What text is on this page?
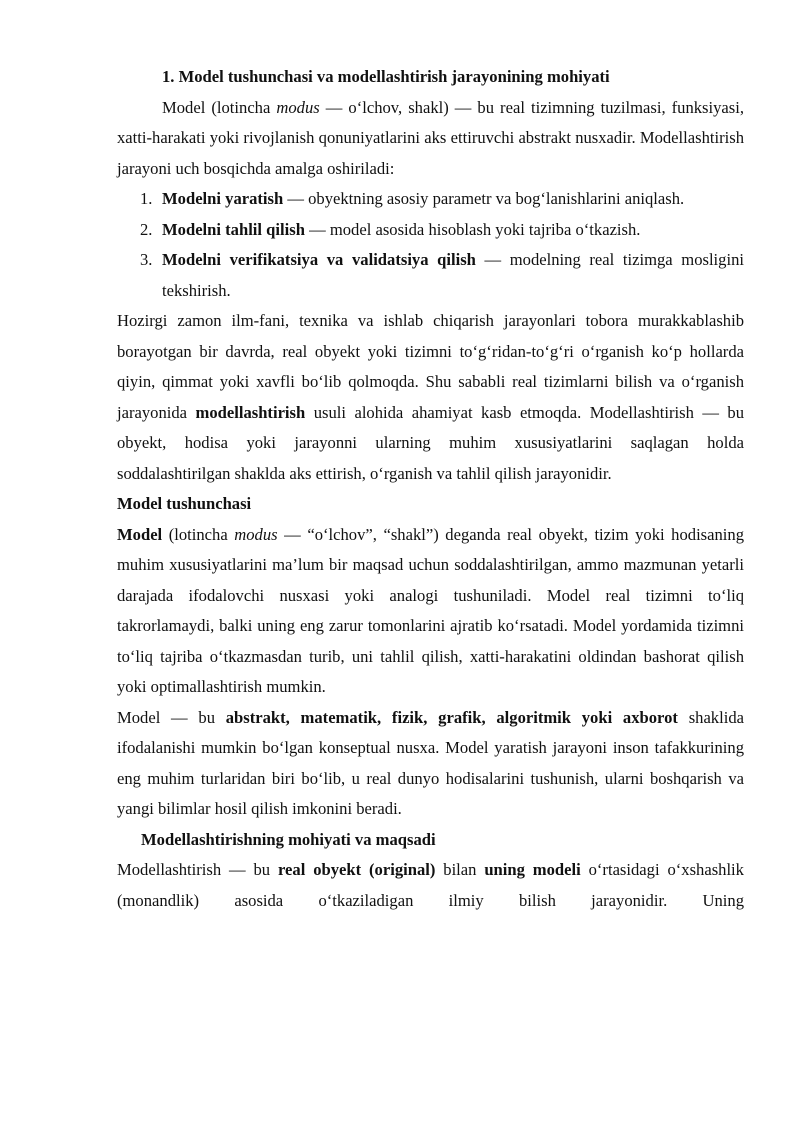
1. Model tushunchasi va modellashtirish jarayonining mohiyati

Model (lotincha modus — o‘lchov, shakl) — bu real tizimning tuzilmasi, funksiyasi, xatti-harakati yoki rivojlanish qonuniyatlarini aks ettiruvchi abstrakt nusxadir. Modellashtirish jarayoni uch bosqichda amalga oshiriladi:

1. Modelni yaratish — obyektning asosiy parametr va bog‘lanishlarini aniqlash.
2. Modelni tahlil qilish — model asosida hisoblash yoki tajriba o‘tkazish.
3. Modelni verifikatsiya va validatsiya qilish — modelning real tizimga mosligini tekshirish.

Hozirgi zamon ilm-fani, texnika va ishlab chiqarish jarayonlari tobora murakkablashib borayotgan bir davrda, real obyekt yoki tizimni to‘g‘ridan-to‘g‘ri o‘rganish ko‘p hollarda qiyin, qimmat yoki xavfli bo‘lib qolmoqda. Shu sababli real tizimlarni bilish va o‘rganish jarayonida modellashtirish usuli alohida ahamiyat kasb etmoqda. Modellashtirish — bu obyekt, hodisa yoki jarayonni ularning muhim xususiyatlarini saqlagan holda soddalashtirilgan shaklda aks ettirish, o‘rganish va tahlil qilish jarayonidir.

Model tushunchasi

Model (lotincha modus — “o‘lchov”, “shakl”) deganda real obyekt, tizim yoki hodisaning muhim xususiyatlarini ma’lum bir maqsad uchun soddalashtirilgan, ammo mazmunan yetarli darajada ifodalovchi nusxasi yoki analogi tushuniladi. Model real tizimni to‘liq takrorlamaydi, balki uning eng zarur tomonlarini ajratib ko‘rsatadi. Model yordamida tizimni to‘liq tajriba o‘tkazmasdan turib, uni tahlil qilish, xatti-harakatini oldindan bashorat qilish yoki optimallashtirish mumkin.

Model — bu abstrakt, matematik, fizik, grafik, algoritmik yoki axborot shaklida ifodalanishi mumkin bo‘lgan konseptual nusxa. Model yaratish jarayoni inson tafakkurining eng muhim turlaridan biri bo‘lib, u real dunyo hodisalarini tushunish, ularni boshqarish va yangi bilimlar hosil qilish imkonini beradi.

Modellashtirishning mohiyati va maqsadi

Modellashtirish — bu real obyekt (original) bilan uning modeli o‘rtasidagi o‘xshashlik (monandlik) asosida o‘tkaziladigan ilmiy bilish jarayonidir. Uning
